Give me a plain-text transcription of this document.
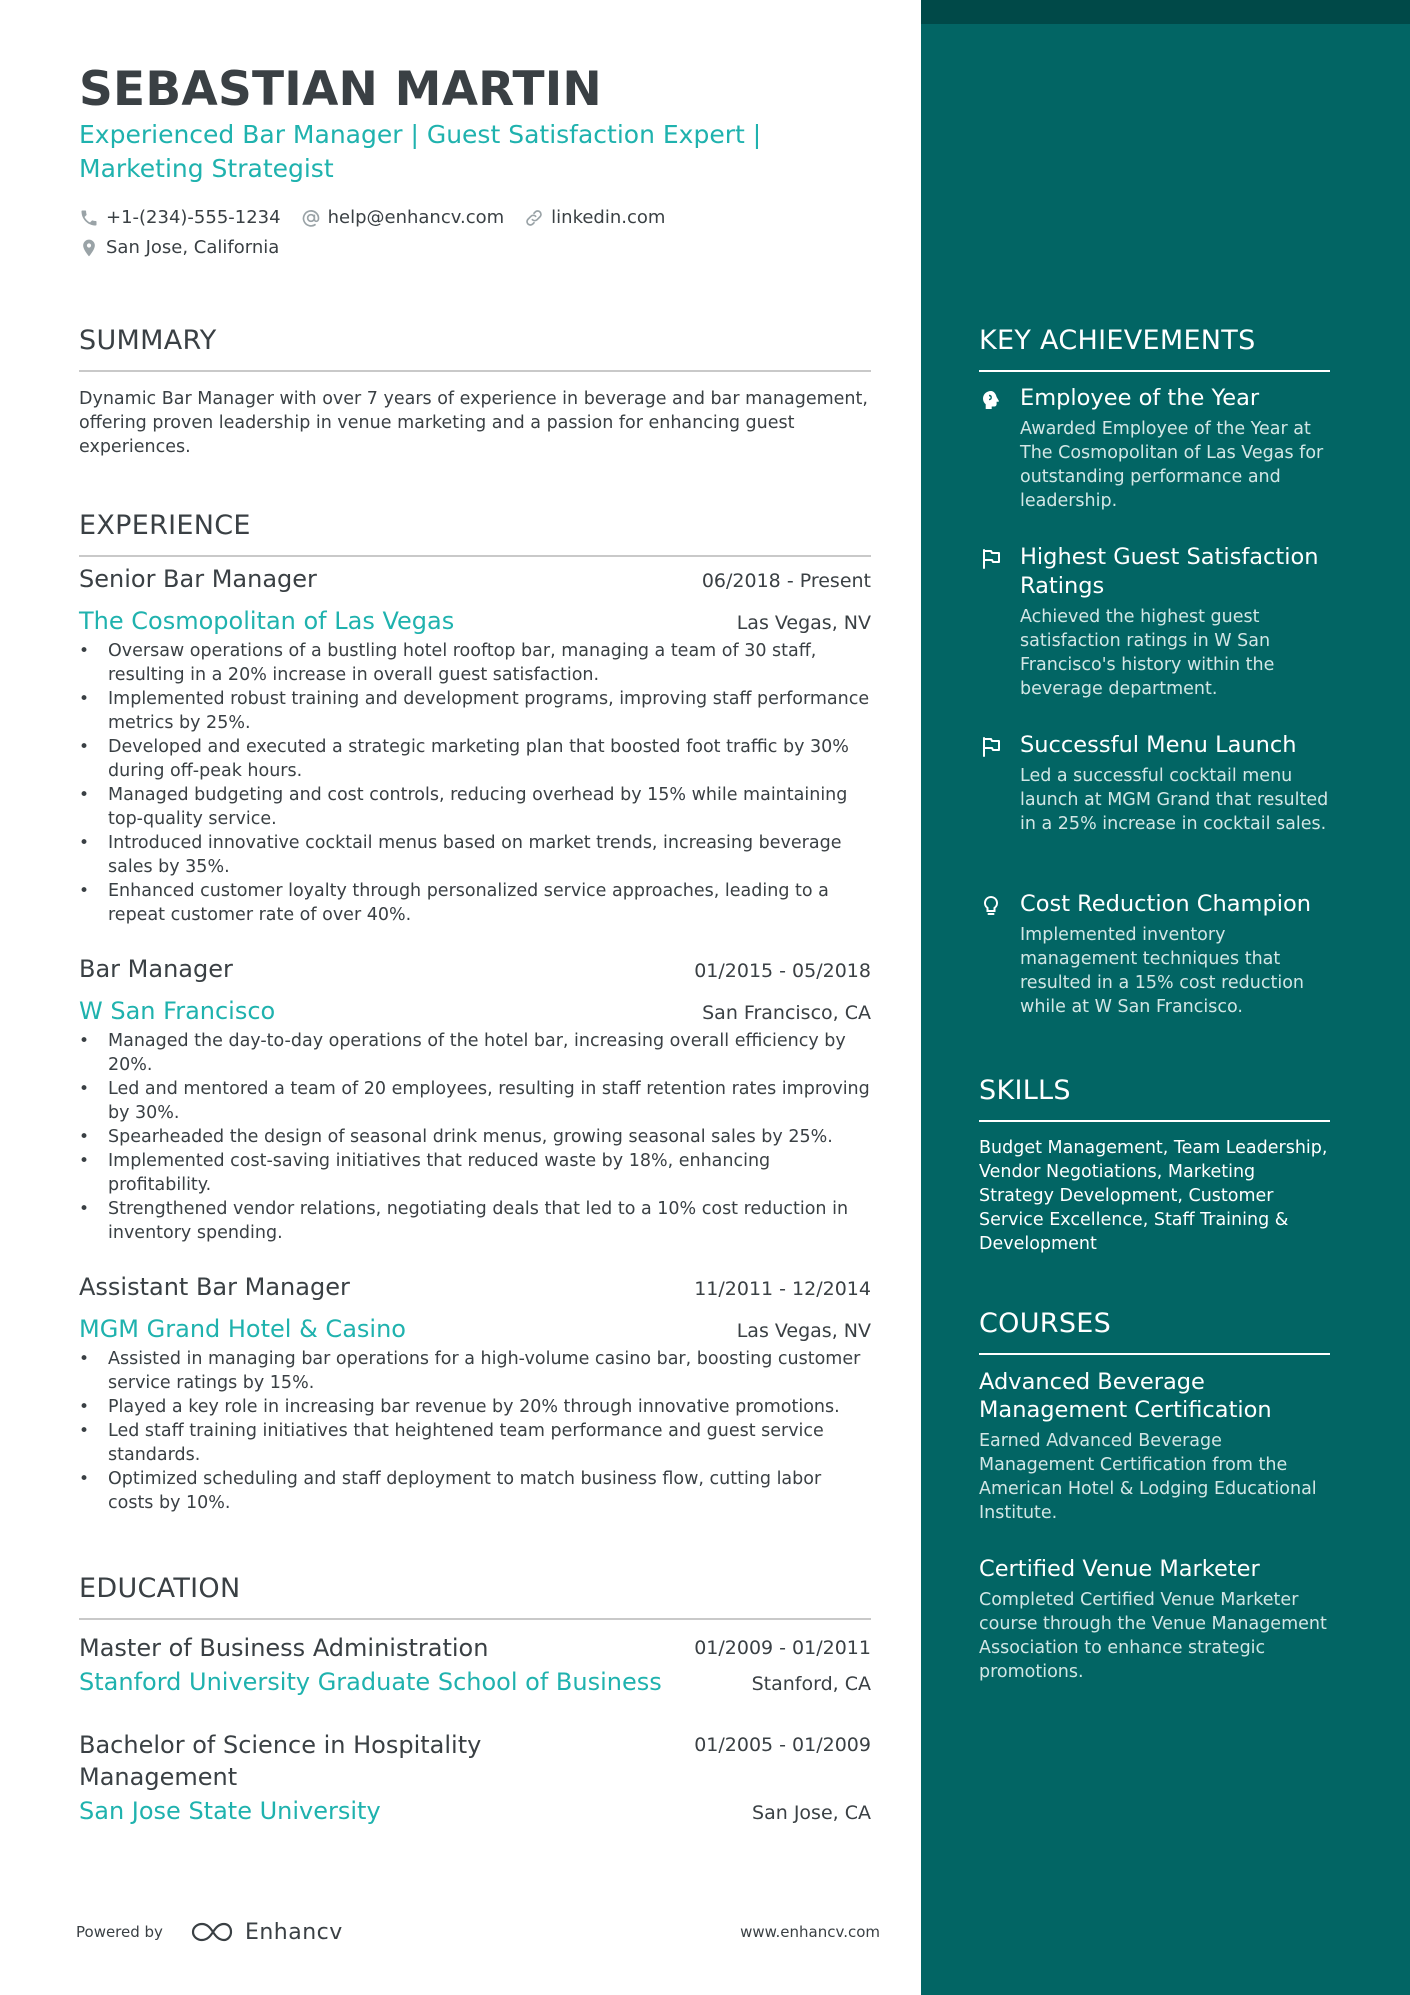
SEBASTIAN MARTIN
Experienced Bar Manager | Guest Satisfaction Expert |
Marketing Strategist
+1-(234)-555-1234	help@enhancv.com	linkedin.com
San Jose, California
SUMMARY
Dynamic Bar Manager with over 7 years of experience in beverage and bar management, offering proven leadership in venue marketing and a passion for enhancing guest experiences.
EXPERIENCE
Senior Bar Manager	06/2018 - Present
The Cosmopolitan of Las Vegas	Las Vegas, NV
• Oversaw operations of a bustling hotel rooftop bar, managing a team of 30 staff, resulting in a 20% increase in overall guest satisfaction.
• Implemented robust training and development programs, improving staff performance metrics by 25%.
• Developed and executed a strategic marketing plan that boosted foot traffic by 30% during off-peak hours.
• Managed budgeting and cost controls, reducing overhead by 15% while maintaining top-quality service.
• Introduced innovative cocktail menus based on market trends, increasing beverage sales by 35%.
• Enhanced customer loyalty through personalized service approaches, leading to a repeat customer rate of over 40%.
Bar Manager	01/2015 - 05/2018
W San Francisco	San Francisco, CA
• Managed the day-to-day operations of the hotel bar, increasing overall efficiency by 20%.
• Led and mentored a team of 20 employees, resulting in staff retention rates improving by 30%.
• Spearheaded the design of seasonal drink menus, growing seasonal sales by 25%.
• Implemented cost-saving initiatives that reduced waste by 18%, enhancing profitability.
• Strengthened vendor relations, negotiating deals that led to a 10% cost reduction in inventory spending.
Assistant Bar Manager	11/2011 - 12/2014
MGM Grand Hotel & Casino	Las Vegas, NV
• Assisted in managing bar operations for a high-volume casino bar, boosting customer service ratings by 15%.
• Played a key role in increasing bar revenue by 20% through innovative promotions.
• Led staff training initiatives that heightened team performance and guest service standards.
• Optimized scheduling and staff deployment to match business flow, cutting labor costs by 10%.
EDUCATION
Master of Business Administration	01/2009 - 01/2011
Stanford University Graduate School of Business	Stanford, CA
Bachelor of Science in Hospitality Management
01/2005 - 01/2009
San Jose State University	San Jose, CA
Powered by	Enhancv	www.enhancv.com
KEY ACHIEVEMENTS
Employee of the Year
Awarded Employee of the Year at The Cosmopolitan of Las Vegas for outstanding performance and leadership.
Highest Guest Satisfaction Ratings
Achieved the highest guest satisfaction ratings in W San Francisco's history within the beverage department.
Successful Menu Launch
Led a successful cocktail menu launch at MGM Grand that resulted in a 25% increase in cocktail sales.
Cost Reduction Champion
Implemented inventory management techniques that resulted in a 15% cost reduction while at W San Francisco.
SKILLS
Budget Management, Team Leadership, Vendor Negotiations, Marketing Strategy Development, Customer Service Excellence, Staff Training & Development
COURSES
Advanced Beverage Management Certification
Earned Advanced Beverage Management Certification from the American Hotel & Lodging Educational Institute.
Certified Venue Marketer
Completed Certified Venue Marketer course through the Venue Management Association to enhance strategic promotions.
